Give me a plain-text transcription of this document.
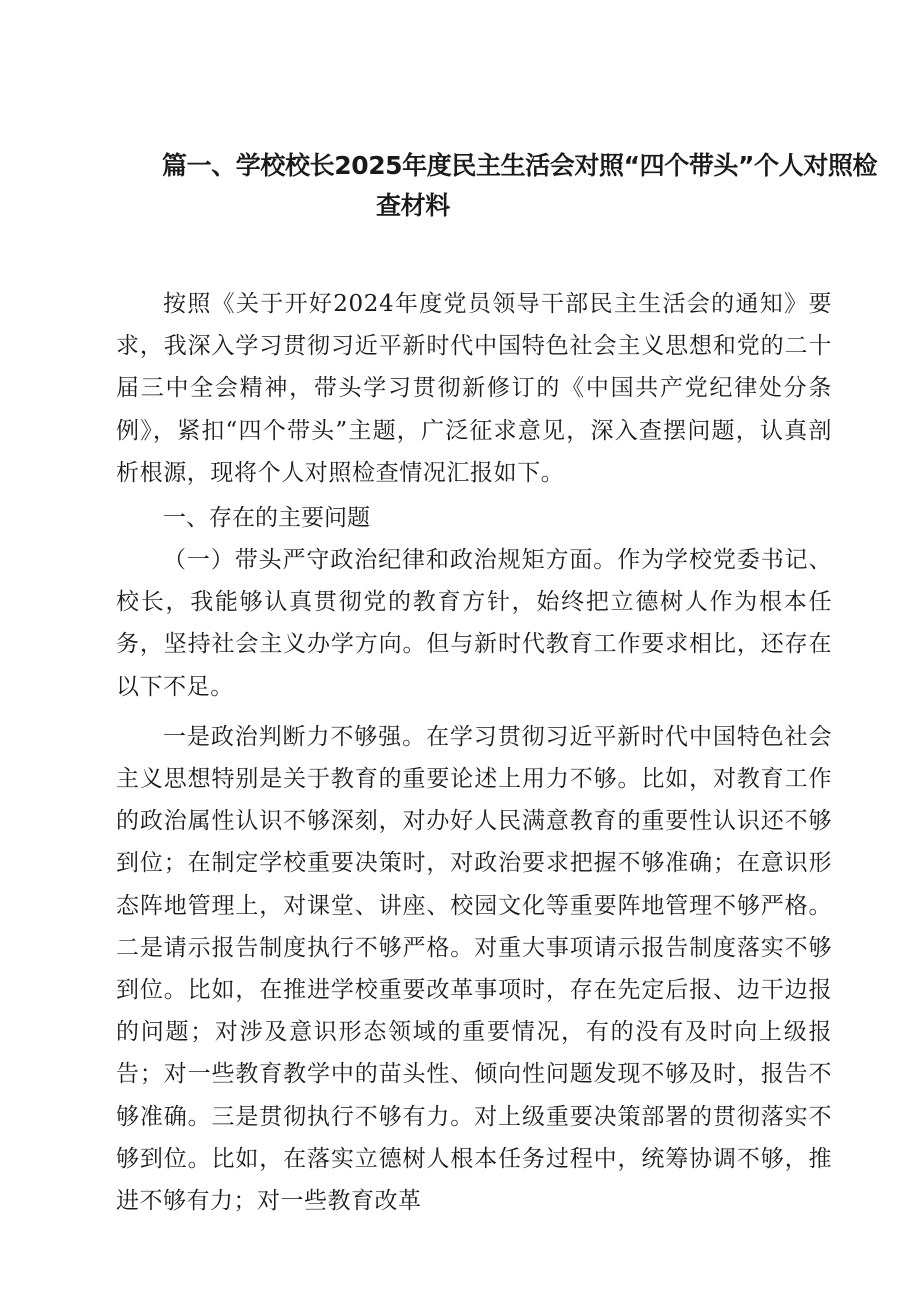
篇一、学校校长2025年度民主生活会对照“四个带头”个人对照检
查材料

按照《关于开好2024年度党员领导干部民主生活会的通知》要求，我深入学习贯彻习近平新时代中国特色社会主义思想和党的二十届三中全会精神，带头学习贯彻新修订的《中国共产党纪律处分条例》，紧扣“四个带头”主题，广泛征求意见，深入查摆问题，认真剖析根源，现将个人对照检查情况汇报如下。

一、存在的主要问题

（一）带头严守政治纪律和政治规矩方面。作为学校党委书记、校长，我能够认真贯彻党的教育方针，始终把立德树人作为根本任务，坚持社会主义办学方向。但与新时代教育工作要求相比，还存在以下不足。

一是政治判断力不够强。在学习贯彻习近平新时代中国特色社会主义思想特别是关于教育的重要论述上用力不够。比如，对教育工作的政治属性认识不够深刻，对办好人民满意教育的重要性认识还不够到位；在制定学校重要决策时，对政治要求把握不够准确；在意识形态阵地管理上，对课堂、讲座、校园文化等重要阵地管理不够严格。二是请示报告制度执行不够严格。对重大事项请示报告制度落实不够到位。比如，在推进学校重要改革事项时，存在先定后报、边干边报的问题；对涉及意识形态领域的重要情况，有的没有及时向上级报告；对一些教育教学中的苗头性、倾向性问题发现不够及时，报告不够准确。三是贯彻执行不够有力。对上级重要决策部署的贯彻落实不够到位。比如，在落实立德树人根本任务过程中，统筹协调不够，推进不够有力；对一些教育改革
